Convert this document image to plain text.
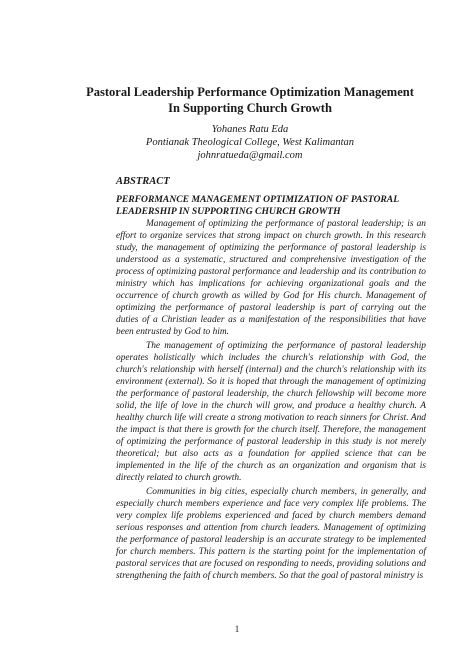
Pastoral Leadership Performance Optimization Management
In Supporting Church Growth
Yohanes Ratu Eda
Pontianak Theological College, West Kalimantan
johnratueda@gmail.com
ABSTRACT
PERFORMANCE MANAGEMENT OPTIMIZATION OF PASTORAL LEADERSHIP IN SUPPORTING CHURCH GROWTH

Management of optimizing the performance of pastoral leadership; is an effort to organize services that strong impact on church growth. In this research study, the management of optimizing the performance of pastoral leadership is understood as a systematic, structured and comprehensive investigation of the process of optimizing pastoral performance and leadership and its contribution to ministry which has implications for achieving organizational goals and the occurrence of church growth as willed by God for His church. Management of optimizing the performance of pastoral leadership is part of carrying out the duties of a Christian leader as a manifestation of the responsibilities that have been entrusted by God to him.

The management of optimizing the performance of pastoral leadership operates holistically which includes the church's relationship with God, the church's relationship with herself (internal) and the church's relationship with its environment (external). So it is hoped that through the management of optimizing the performance of pastoral leadership, the church fellowship will become more solid, the life of love in the church will grow, and produce a healthy church. A healthy church life will create a strong motivation to reach sinners for Christ. And the impact is that there is growth for the church itself. Therefore, the management of optimizing the performance of pastoral leadership in this study is not merely theoretical; but also acts as a foundation for applied science that can be implemented in the life of the church as an organization and organism that is directly related to church growth.

Communities in big cities, especially church members, in generally, and especially church members experience and face very complex life problems. The very complex life problems experienced and faced by church members demand serious responses and attention from church leaders. Management of optimizing the performance of pastoral leadership is an accurate strategy to be implemented for church members. This pattern is the starting point for the implementation of pastoral services that are focused on responding to needs, providing solutions and strengthening the faith of church members. So that the goal of pastoral ministry is

1
